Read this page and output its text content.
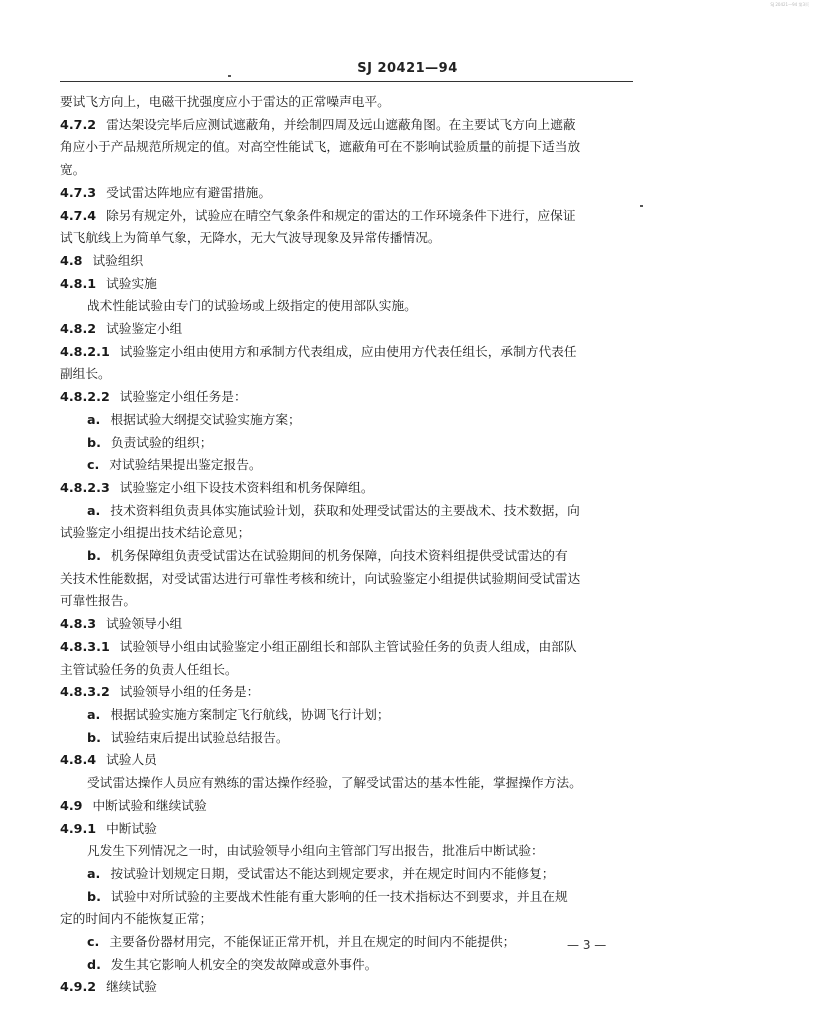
SJ 20421—94 第3页
SJ 20421—94
要试飞方向上，电磁干扰强度应小于雷达的正常噪声电平。
4.7.2 雷达架设完毕后应测试遮蔽角，并绘制四周及远山遮蔽角图。在主要试飞方向上遮蔽
角应小于产品规范所规定的值。对高空性能试飞，遮蔽角可在不影响试验质量的前提下适当放
宽。
4.7.3 受试雷达阵地应有避雷措施。
4.7.4 除另有规定外，试验应在晴空气象条件和规定的雷达的工作环境条件下进行，应保证
试飞航线上为简单气象，无降水，无大气波导现象及异常传播情况。
4.8 试验组织
4.8.1 试验实施
战术性能试验由专门的试验场或上级指定的使用部队实施。
4.8.2 试验鉴定小组
4.8.2.1 试验鉴定小组由使用方和承制方代表组成，应由使用方代表任组长，承制方代表任
副组长。
4.8.2.2 试验鉴定小组任务是：
a. 根据试验大纲提交试验实施方案；
b. 负责试验的组织；
c. 对试验结果提出鉴定报告。
4.8.2.3 试验鉴定小组下设技术资料组和机务保障组。
a. 技术资料组负责具体实施试验计划，获取和处理受试雷达的主要战术、技术数据，向
试验鉴定小组提出技术结论意见；
b. 机务保障组负责受试雷达在试验期间的机务保障，向技术资料组提供受试雷达的有
关技术性能数据，对受试雷达进行可靠性考核和统计，向试验鉴定小组提供试验期间受试雷达
可靠性报告。
4.8.3 试验领导小组
4.8.3.1 试验领导小组由试验鉴定小组正副组长和部队主管试验任务的负责人组成，由部队
主管试验任务的负责人任组长。
4.8.3.2 试验领导小组的任务是：
a. 根据试验实施方案制定飞行航线，协调飞行计划；
b. 试验结束后提出试验总结报告。
4.8.4 试验人员
受试雷达操作人员应有熟练的雷达操作经验，了解受试雷达的基本性能，掌握操作方法。
4.9 中断试验和继续试验
4.9.1 中断试验
凡发生下列情况之一时，由试验领导小组向主管部门写出报告，批准后中断试验：
a. 按试验计划规定日期，受试雷达不能达到规定要求，并在规定时间内不能修复；
b. 试验中对所试验的主要战术性能有重大影响的任一技术指标达不到要求，并且在规
定的时间内不能恢复正常；
c. 主要备份器材用完，不能保证正常开机，并且在规定的时间内不能提供；
d. 发生其它影响人机安全的突发故障或意外事件。
4.9.2 继续试验
— 3 —
